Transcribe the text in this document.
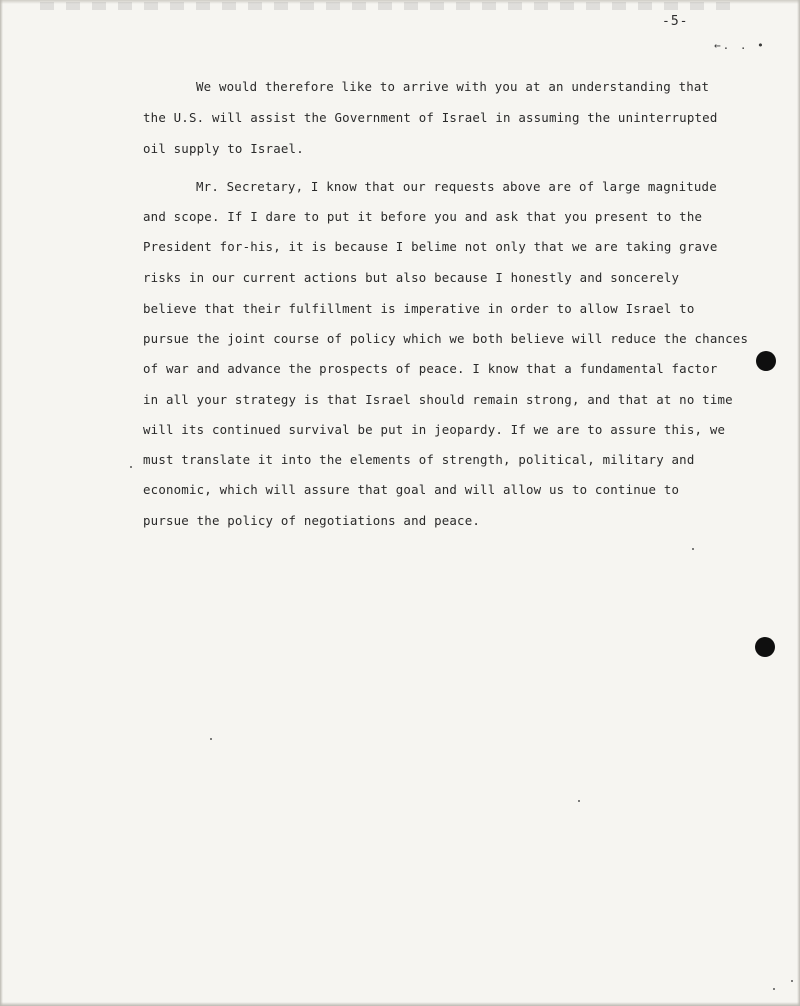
-5-
←. . •
We would therefore like to arrive with you at an understanding that
the U.S. will assist the Government of Israel in assuming the uninterrupted
oil supply to Israel.
Mr. Secretary, I know that our requests above are of large magnitude
and scope. If I dare to put it before you and ask that you present to the
President for-his, it is because I belime not only that we are taking grave
risks in our current actions but also because I honestly and soncerely
believe that their fulfillment is imperative in order to allow Israel to
pursue the joint course of policy which we both believe will reduce the chances
of war and advance the prospects of peace. I know that a fundamental factor
in all your strategy is that Israel should remain strong, and that at no time
will its continued survival be put in jeopardy. If we are to assure this, we
must translate it into the elements of strength, political, military and
economic, which will assure that goal and will allow us to continue to
pursue the policy of negotiations and peace.
